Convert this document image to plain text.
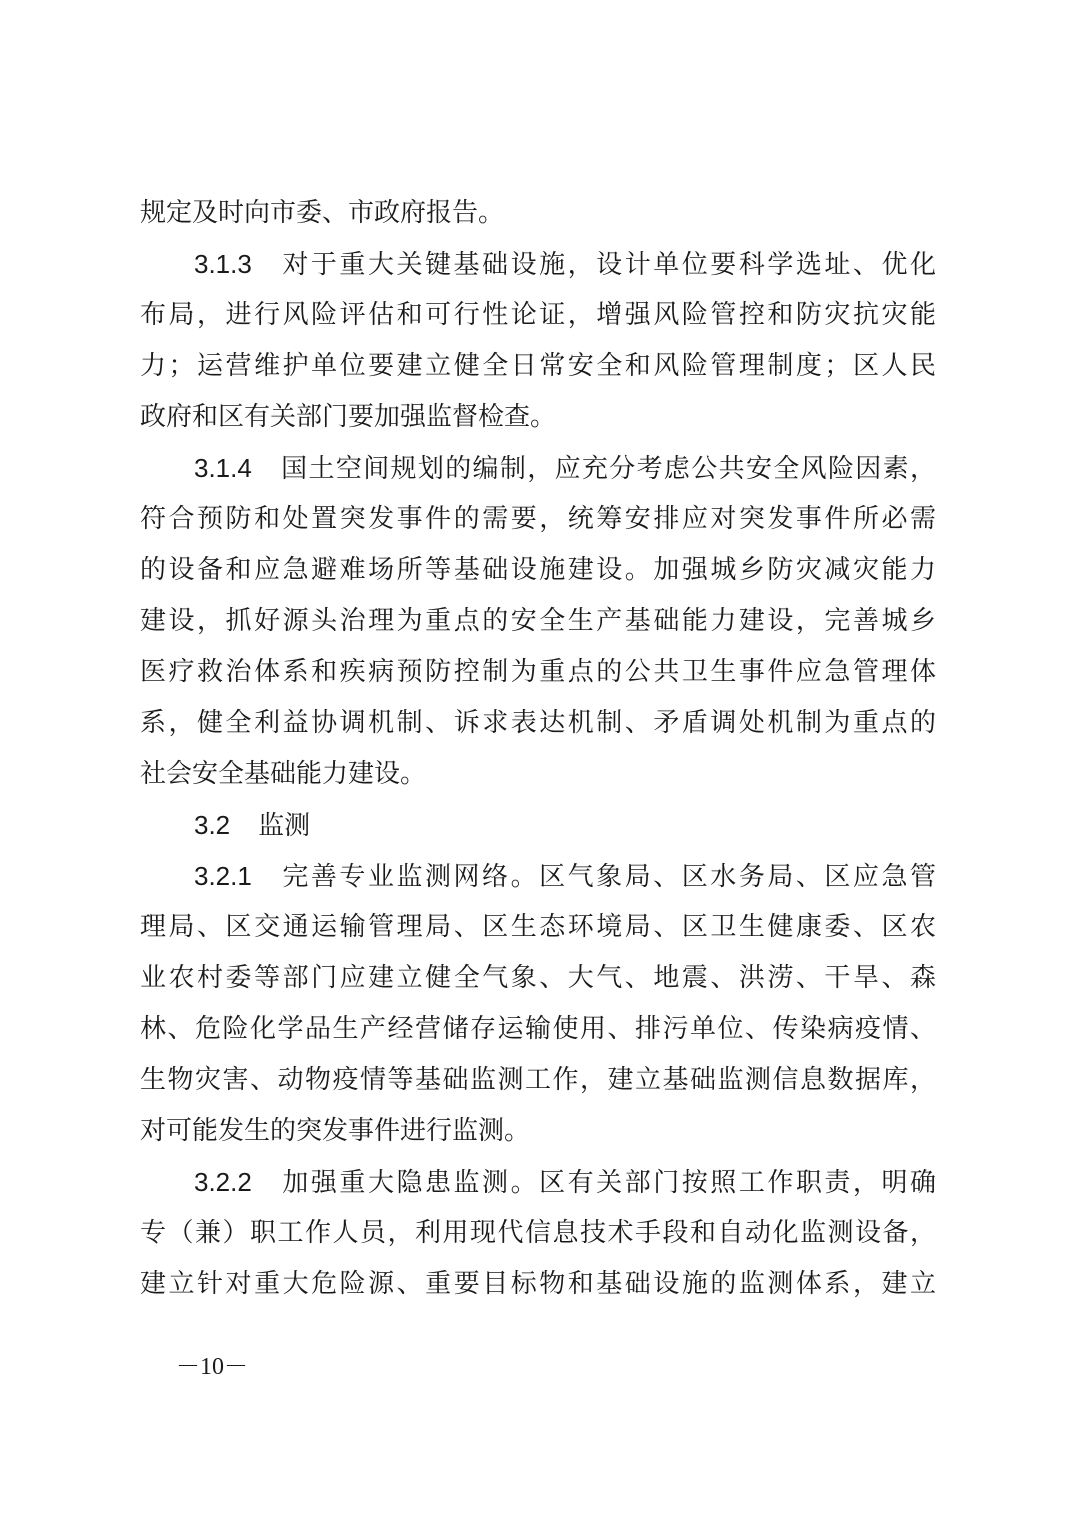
规定及时向市委、市政府报告。
3.1.3 对于重大关键基础设施，设计单位要科学选址、优化
布局，进行风险评估和可行性论证，增强风险管控和防灾抗灾能
力；运营维护单位要建立健全日常安全和风险管理制度；区人民
政府和区有关部门要加强监督检查。
3.1.4 国土空间规划的编制，应充分考虑公共安全风险因素，
符合预防和处置突发事件的需要，统筹安排应对突发事件所必需
的设备和应急避难场所等基础设施建设。加强城乡防灾减灾能力
建设，抓好源头治理为重点的安全生产基础能力建设，完善城乡
医疗救治体系和疾病预防控制为重点的公共卫生事件应急管理体
系，健全利益协调机制、诉求表达机制、矛盾调处机制为重点的
社会安全基础能力建设。
3.2 监测
3.2.1 完善专业监测网络。区气象局、区水务局、区应急管
理局、区交通运输管理局、区生态环境局、区卫生健康委、区农
业农村委等部门应建立健全气象、大气、地震、洪涝、干旱、森
林、危险化学品生产经营储存运输使用、排污单位、传染病疫情、
生物灾害、动物疫情等基础监测工作，建立基础监测信息数据库，
对可能发生的突发事件进行监测。
3.2.2 加强重大隐患监测。区有关部门按照工作职责，明确
专（兼）职工作人员，利用现代信息技术手段和自动化监测设备，
建立针对重大危险源、重要目标物和基础设施的监测体系，建立
－10－
